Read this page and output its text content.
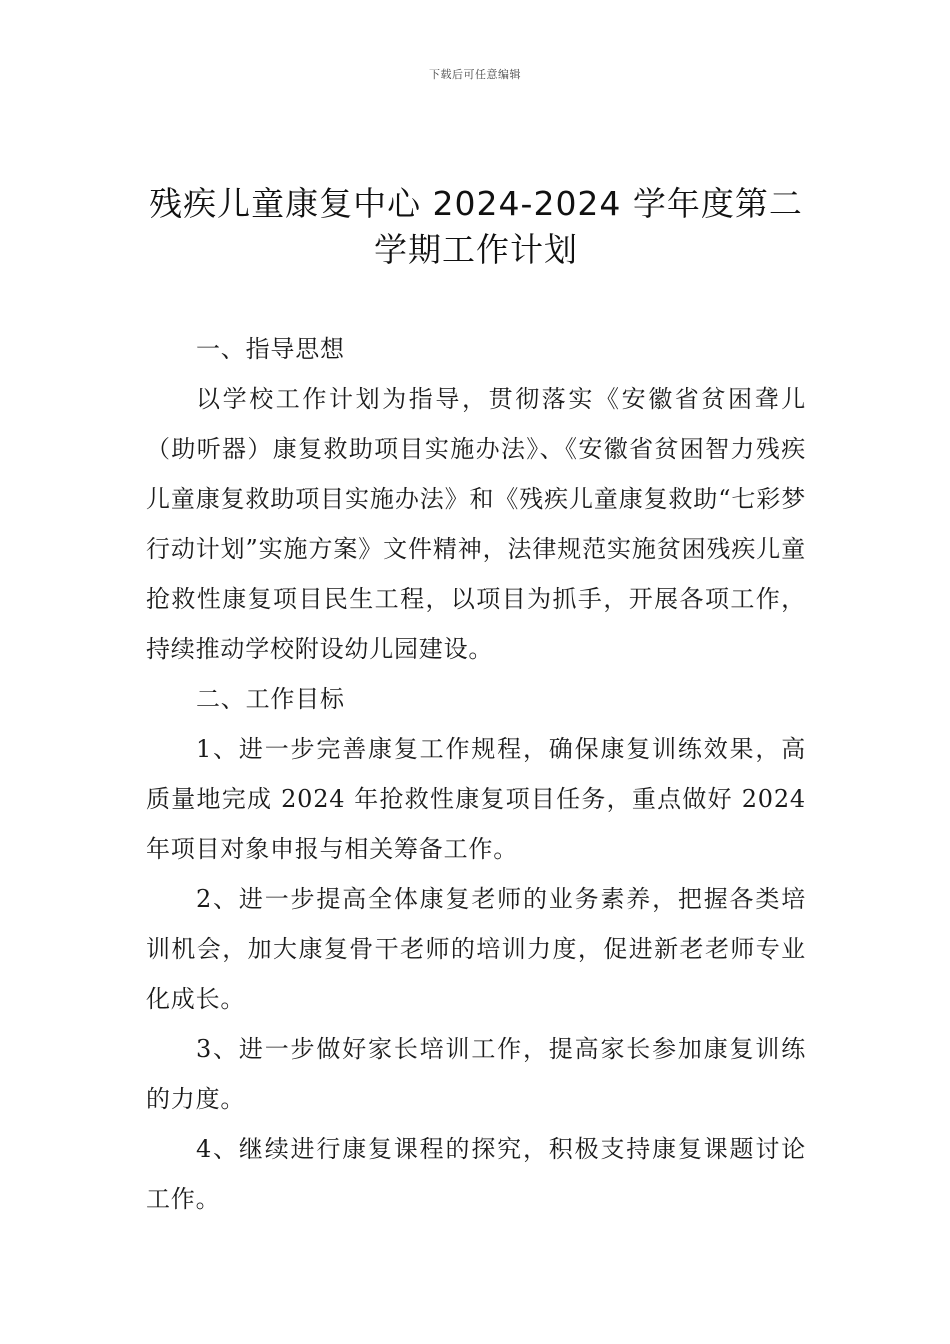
下载后可任意编辑
残疾儿童康复中心 2024-2024 学年度第二
学期工作计划

一、指导思想

以学校工作计划为指导，贯彻落实《安徽省贫困聋儿（助听器）康复救助项目实施办法》、《安徽省贫困智力残疾儿童康复救助项目实施办法》和《残疾儿童康复救助“七彩梦行动计划”实施方案》文件精神，法律规范实施贫困残疾儿童抢救性康复项目民生工程，以项目为抓手，开展各项工作，持续推动学校附设幼儿园建设。

二、工作目标

1、进一步完善康复工作规程，确保康复训练效果，高质量地完成 2024 年抢救性康复项目任务，重点做好 2024 年项目对象申报与相关筹备工作。

2、进一步提高全体康复老师的业务素养，把握各类培训机会，加大康复骨干老师的培训力度，促进新老老师专业化成长。

3、进一步做好家长培训工作，提高家长参加康复训练的力度。

4、继续进行康复课程的探究，积极支持康复课题讨论工作。
